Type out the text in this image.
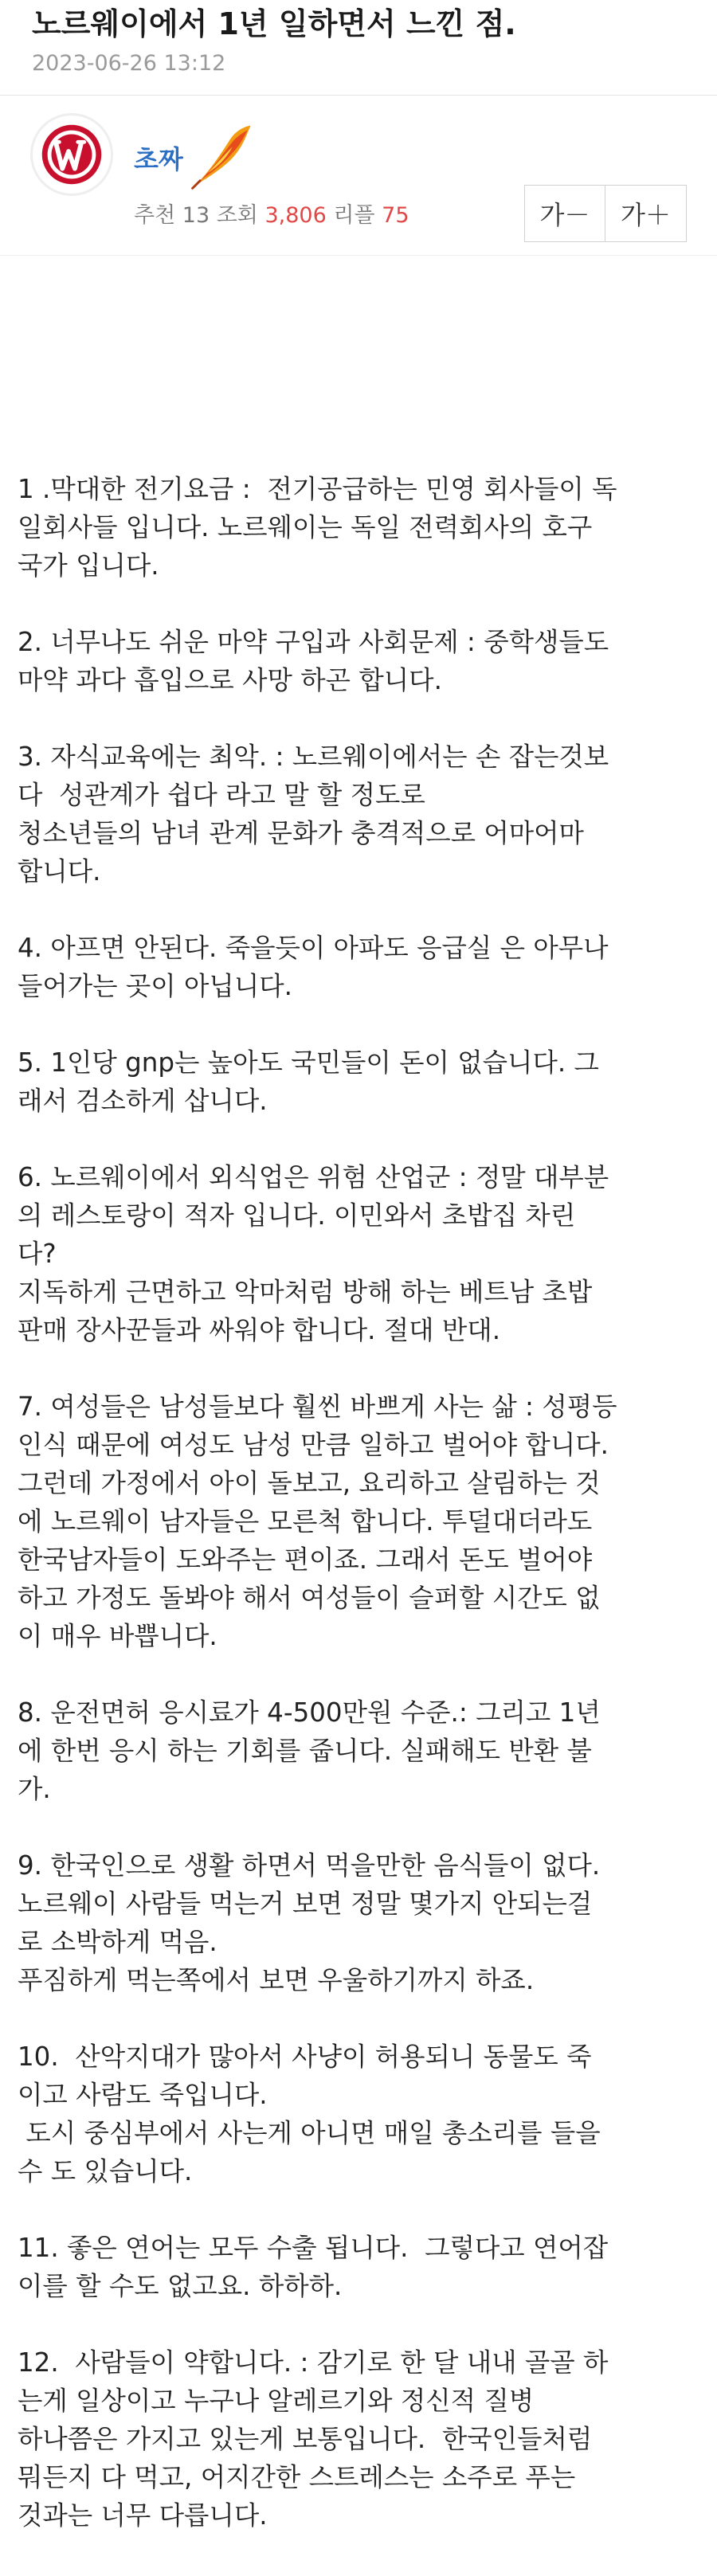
노르웨이에서 1년 일하면서 느낀 점.
2023-06-26 13:12
초짜
추천 13 조회 3,806 리플 75	가－	가＋

1 .막대한 전기요금 :  전기공급하는 민영 회사들이 독
일회사들 입니다. 노르웨이는 독일 전력회사의 호구
국가 입니다.

2. 너무나도 쉬운 마약 구입과 사회문제 : 중학생들도
마약 과다 흡입으로 사망 하곤 합니다.

3. 자식교육에는 최악. : 노르웨이에서는 손 잡는것보
다  성관계가 쉽다 라고 말 할 정도로
청소년들의 남녀 관계 문화가 충격적으로 어마어마
합니다.

4. 아프면 안된다. 죽을듯이 아파도 응급실 은 아무나
들어가는 곳이 아닙니다.

5. 1인당 gnp는 높아도 국민들이 돈이 없습니다. 그
래서 검소하게 삽니다.

6. 노르웨이에서 외식업은 위험 산업군 : 정말 대부분
의 레스토랑이 적자 입니다. 이민와서 초밥집 차린
다?
지독하게 근면하고 악마처럼 방해 하는 베트남 초밥
판매 장사꾼들과 싸워야 합니다. 절대 반대.

7. 여성들은 남성들보다 훨씬 바쁘게 사는 삶 : 성평등
인식 때문에 여성도 남성 만큼 일하고 벌어야 합니다.
그런데 가정에서 아이 돌보고, 요리하고 살림하는 것
에 노르웨이 남자들은 모른척 합니다. 투덜대더라도
한국남자들이 도와주는 편이죠. 그래서 돈도 벌어야
하고 가정도 돌봐야 해서 여성들이 슬퍼할 시간도 없
이 매우 바쁩니다.

8. 운전면허 응시료가 4-500만원 수준.: 그리고 1년
에 한번 응시 하는 기회를 줍니다. 실패해도 반환 불
가.

9. 한국인으로 생활 하면서 먹을만한 음식들이 없다.
노르웨이 사람들 먹는거 보면 정말 몇가지 안되는걸
로 소박하게 먹음.
푸짐하게 먹는쪽에서 보면 우울하기까지 하죠.

10.  산악지대가 많아서 사냥이 허용되니 동물도 죽
이고 사람도 죽입니다.
도시 중심부에서 사는게 아니면 매일 총소리를 들을
수 도 있습니다.

11. 좋은 연어는 모두 수출 됩니다.  그렇다고 연어잡
이를 할 수도 없고요. 하하하.

12.  사람들이 약합니다. : 감기로 한 달 내내 골골 하
는게 일상이고 누구나 알레르기와 정신적 질병
하나쯤은 가지고 있는게 보통입니다.  한국인들처럼
뭐든지 다 먹고, 어지간한 스트레스는 소주로 푸는
것과는 너무 다릅니다.
